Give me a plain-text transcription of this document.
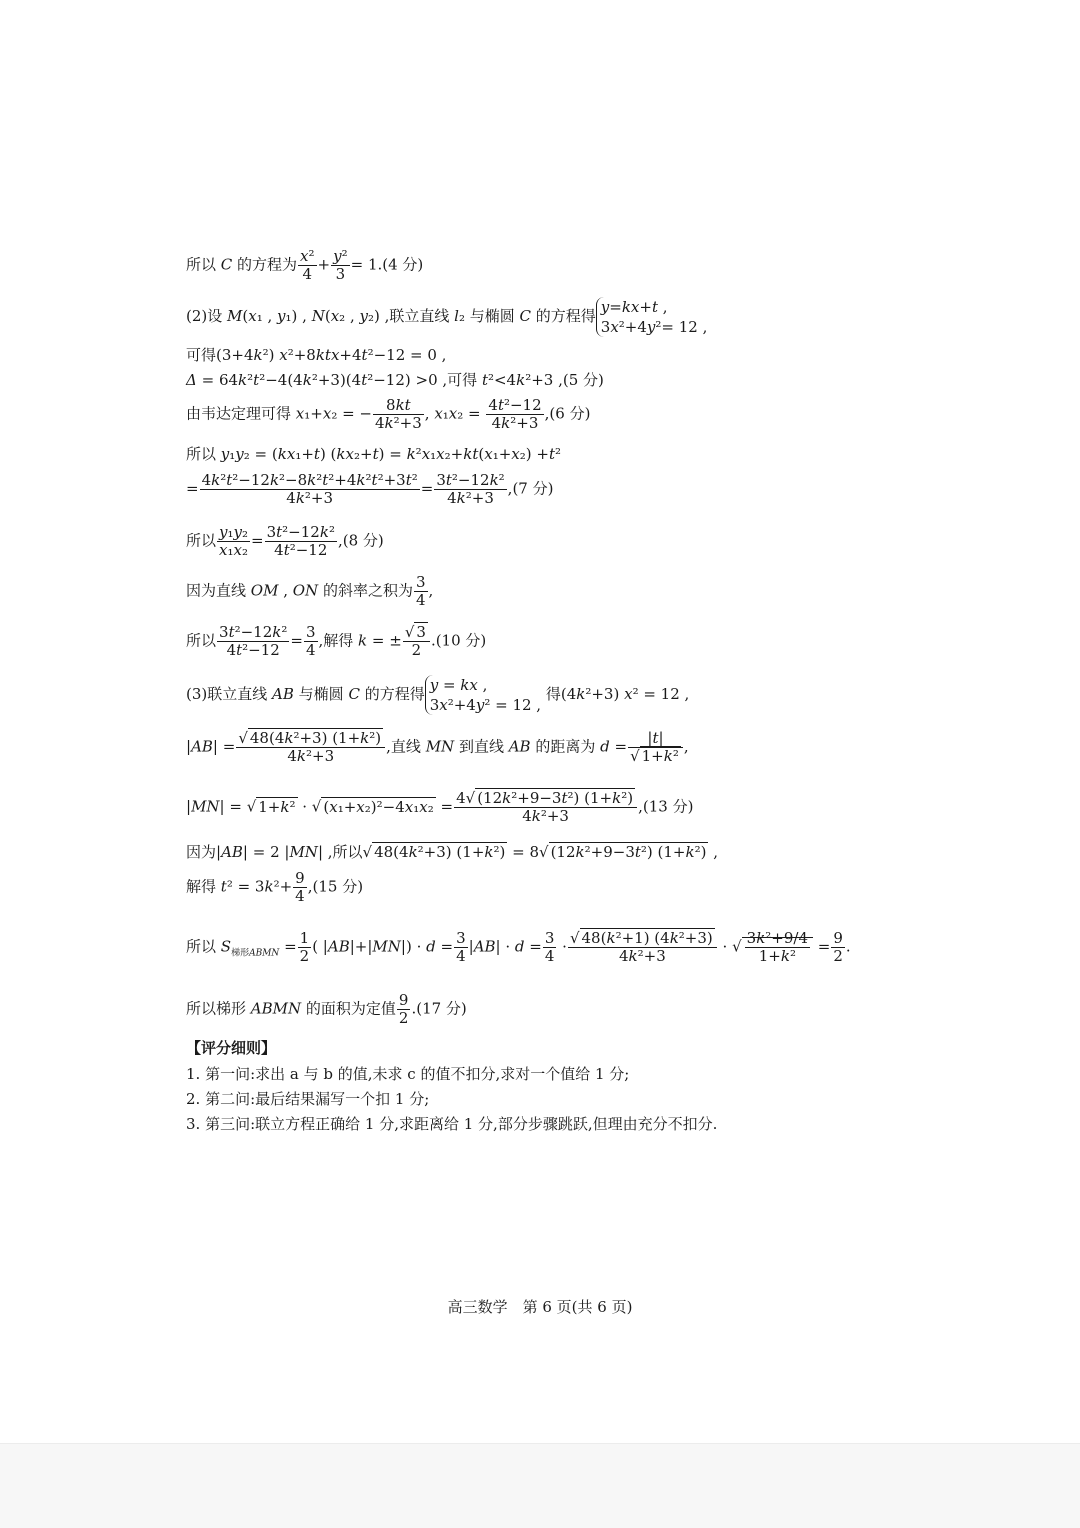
所以 C 的方程为 $\frac{\text{x²}}{4} + \frac{\text{y²}}{3} = 1.(4$ 分)
(2)设 M(x₁ , y₁) , N(x₂ , y₂) ,联立直线 l₂ 与椭圆 C 的方程得 y=kx+t ,
3x²+4y²= 12 ,
可得(3+4k²) x²+8ktx+4t²−12 = 0 ,
Δ = 64k²t²−4(4k²+3)(4t²−12) >0 ,可得 t²<4k²+3 ,(5 分)
由韦达定理可得 x₁+x₂ = − $\frac{8kt}{\text{4k²+3}}$ , $x_1x_2 = \frac{\text{4t²−12}}{\text{4k²+3}} ,(6$ 分)
所以 y₁y₂ = (kx₁+t) (kx₂+t) = k²x₁x₂+kt(x₁+x₂) +t²
= $\frac{\text{4k²t²−12k²−8k²t²+4k²t²+3t²}}{\text{4k²+3}} = \frac{\text{3t²−12k²}}{\text{4k²+3}} ,(7$ 分)
所以 $\frac{\text{y₁y₂}}{\text{x₁x₂}} = \frac{\text{3t²−12k²}}{\text{4t²−12}} ,(8$ 分)
因为直线 OM , ON 的斜率之积为 $\frac{3}{4}$ ,
所以 $\frac{\text{3t²−12k²}}{\text{4t²−12}} = \frac{3}{4}$ ,解得 k = ± $\frac{√ 3}{2} .(10$ 分)
(3)联立直线 AB 与椭圆 C 的方程得 y = kx ,
3x²+4y² = 12 , 得(4k²+3) x² = 12 ,
$|AB| = \frac{\text{√ 48(4k²+3) (1+k²)}}{\text{4k²+3}}$ ,直线 MN 到直线 AB 的距离为 $d = \frac{|t|}{\text{√ 1+k²}}$ ,
|MN| = √ 1+k² · √ $(x_1+x_2)^2-4x_1x_2 = \frac{\text{4√ (12k²+9−3t²) (1+k²)}}{\text{4k²+3}} ,(13$ 分)
因为|AB| = 2 |MN| ,所以√ 48(4k²+3) (1+k²) = 8√ (12k²+9−3t²) (1+k²) ,
解得 $t^2 = 3k^2+ \frac{9}{4} ,(15$ 分)
所以 $S_{梯形ABMN} = \frac{1}{2}$ ( $|AB|+|MN|) \cdot d = \frac{3}{4} |AB| \cdot d = \frac{3}{4} \cdot \frac{\text{√ 48(k²+1) (4k²+3)}}{\text{4k²+3}}$ · √ $\frac{\text{3k²+9/4}}{\text{1+k²}} = \frac{9}{2}$ .
所以梯形 ABMN 的面积为定值 $\frac{9}{2} .(17$ 分)
【评分细则】
1. 第一问:求出 a 与 b 的值,未求 c 的值不扣分,求对一个值给 1 分;
2. 第二问:最后结果漏写一个扣 1 分;
3. 第三问:联立方程正确给 1 分,求距离给 1 分,部分步骤跳跃,但理由充分不扣分.
高三数学　第 6 页(共 6 页)
